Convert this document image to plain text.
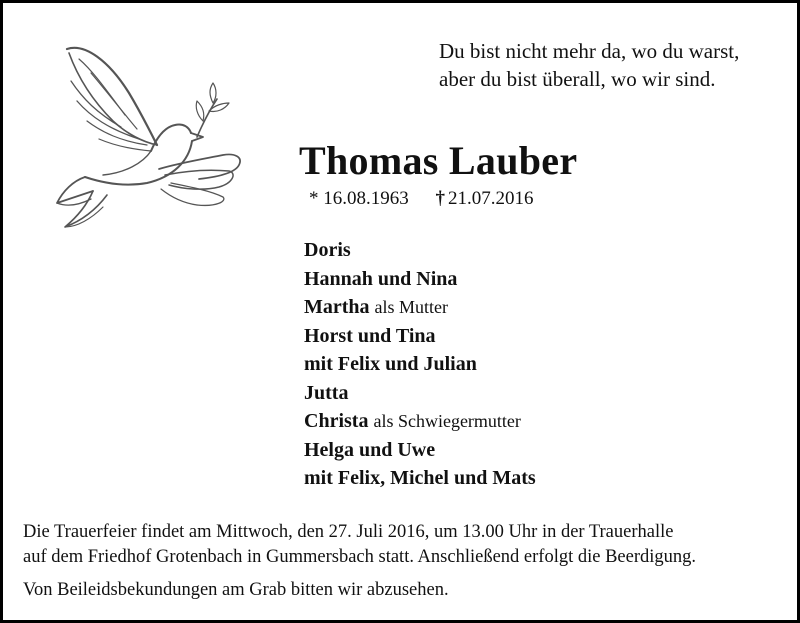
Du bist nicht mehr da, wo du warst,
aber du bist überall, wo wir sind.
Thomas Lauber
* 16.08.1963 † 21.07.2016
Doris
Hannah und Nina
Martha als Mutter
Horst und Tina
mit Felix und Julian
Jutta
Christa als Schwiegermutter
Helga und Uwe
mit Felix, Michel und Mats
Die Trauerfeier findet am Mittwoch, den 27. Juli 2016, um 13.00 Uhr in der Trauerhalle
auf dem Friedhof Grotenbach in Gummersbach statt. Anschließend erfolgt die Beerdigung.
Von Beileidsbekundungen am Grab bitten wir abzusehen.
